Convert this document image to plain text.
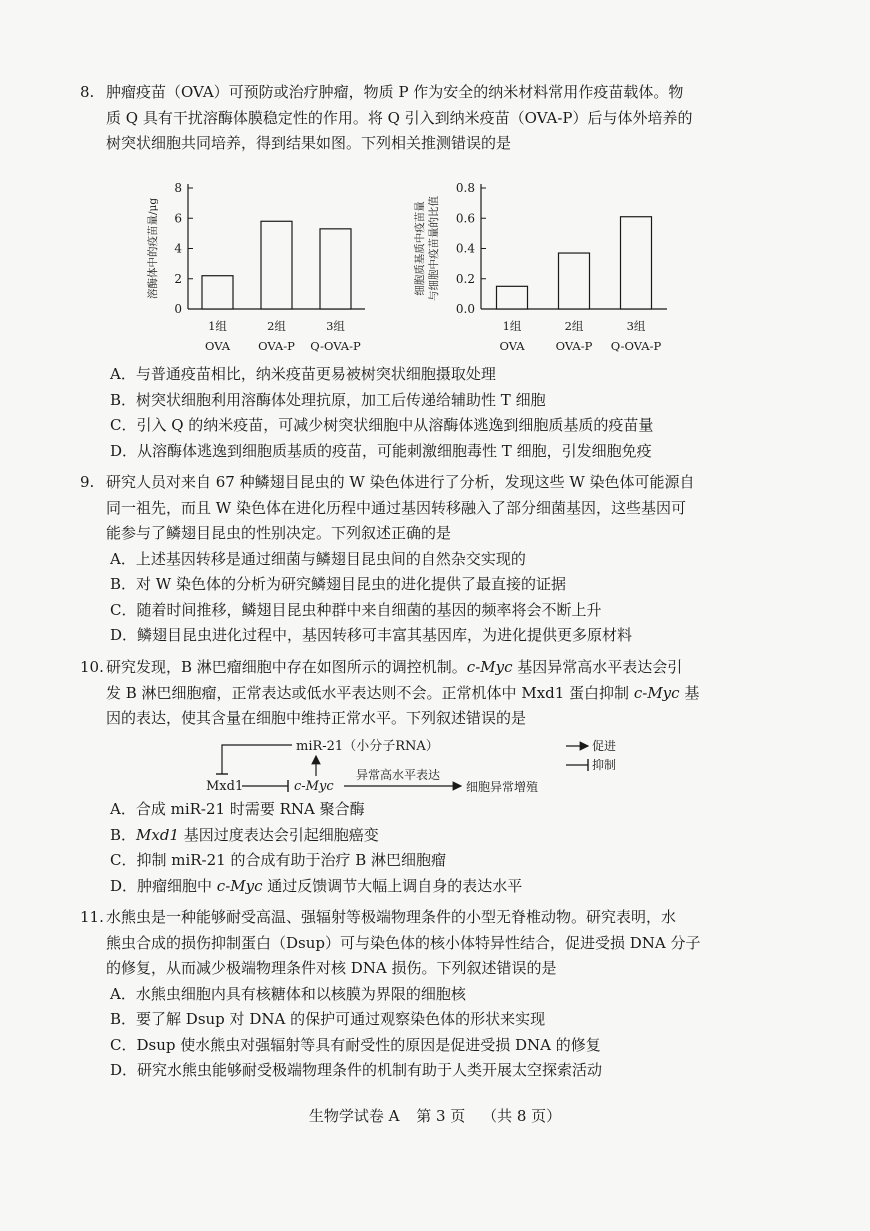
8. 肿瘤疫苗（OVA）可预防或治疗肿瘤，物质 P 作为安全的纳米材料常用作疫苗载体。物

质 Q 具有干扰溶酶体膜稳定性的作用。将 Q 引入到纳米疫苗（OVA-P）后与体外培养的

树突状细胞共同培养，得到结果如图。下列相关推测错误的是

0
2
4
6
8
溶酶体中的疫苗量/μg
1组
OVA
2组
OVA-P
3组
Q-OVA-P
0.0
0.2
0.4
0.6
0.8
细胞质基质中疫苗量 与细胞中疫苗量的比值
1组
OVA
2组
OVA-P
3组
Q-OVA-P

A．与普通疫苗相比，纳米疫苗更易被树突状细胞摄取处理

B．树突状细胞利用溶酶体处理抗原，加工后传递给辅助性 T 细胞

C．引入 Q 的纳米疫苗，可减少树突状细胞中从溶酶体逃逸到细胞质基质的疫苗量

D．从溶酶体逃逸到细胞质基质的疫苗，可能刺激细胞毒性 T 细胞，引发细胞免疫

9. 研究人员对来自 67 种鳞翅目昆虫的 W 染色体进行了分析，发现这些 W 染色体可能源自

同一祖先，而且 W 染色体在进化历程中通过基因转移融入了部分细菌基因，这些基因可

能参与了鳞翅目昆虫的性别决定。下列叙述正确的是

A．上述基因转移是通过细菌与鳞翅目昆虫间的自然杂交实现的

B．对 W 染色体的分析为研究鳞翅目昆虫的进化提供了最直接的证据

C．随着时间推移，鳞翅目昆虫种群中来自细菌的基因的频率将会不断上升

D．鳞翅目昆虫进化过程中，基因转移可丰富其基因库，为进化提供更多原材料

10. 研究发现，B 淋巴瘤细胞中存在如图所示的调控机制。c-Myc 基因异常高水平表达会引

发 B 淋巴细胞瘤，正常表达或低水平表达则不会。正常机体中 Mxd1 蛋白抑制 c-Myc 基

因的表达，使其含量在细胞中维持正常水平。下列叙述错误的是

miR-21（小分子RNA）
Mxd1	c-Myc
异常高水平表达
细胞异常增殖
促进
抑制

A．合成 miR-21 时需要 RNA 聚合酶

B．Mxd1 基因过度表达会引起细胞癌变

C．抑制 miR-21 的合成有助于治疗 B 淋巴细胞瘤

D．肿瘤细胞中 c-Myc 通过反馈调节大幅上调自身的表达水平

11. 水熊虫是一种能够耐受高温、强辐射等极端物理条件的小型无脊椎动物。研究表明，水

熊虫合成的损伤抑制蛋白（Dsup）可与染色体的核小体特异性结合，促进受损 DNA 分子

的修复，从而减少极端物理条件对核 DNA 损伤。下列叙述错误的是

A．水熊虫细胞内具有核糖体和以核膜为界限的细胞核

B．要了解 Dsup 对 DNA 的保护可通过观察染色体的形状来实现

C．Dsup 使水熊虫对强辐射等具有耐受性的原因是促进受损 DNA 的修复

D．研究水熊虫能够耐受极端物理条件的机制有助于人类开展太空探索活动

生物学试卷 A 第 3 页 （共 8 页）
